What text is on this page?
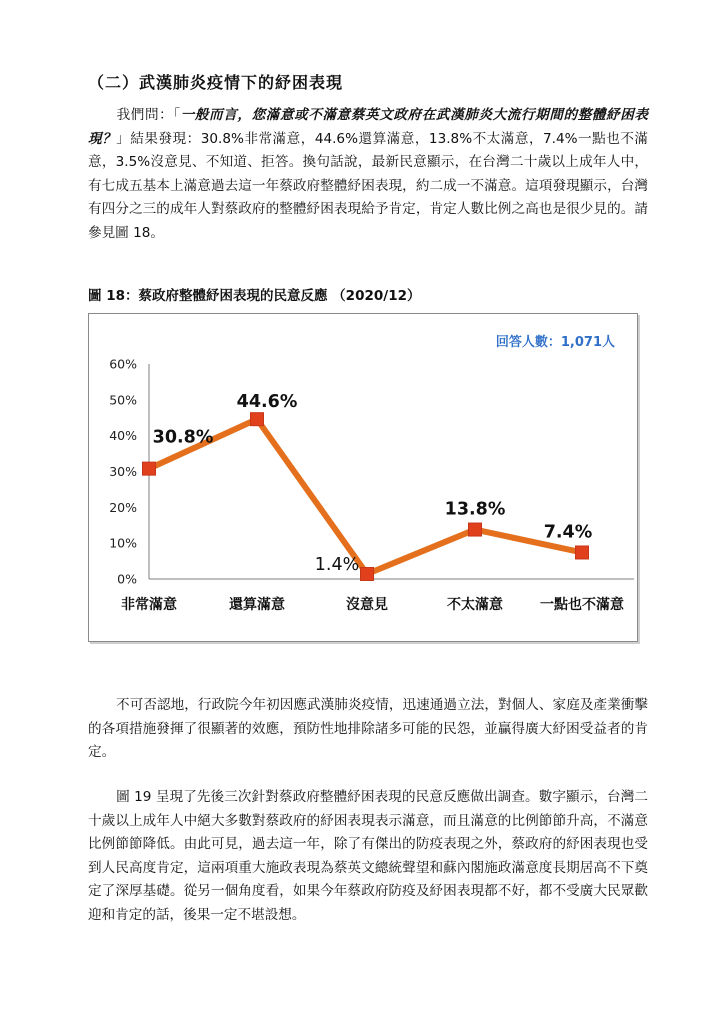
（二）武漢肺炎疫情下的紓困表現
我們問：「一般而言，您滿意或不滿意蔡英文政府在武漢肺炎大流行期間的整體紓困表現？」結果發現：30.8%非常滿意，44.6%還算滿意，13.8%不太滿意，7.4%一點也不滿意，3.5%沒意見、不知道、拒答。換句話說，最新民意顯示，在台灣二十歲以上成年人中，有七成五基本上滿意過去這一年蔡政府整體紓困表現，約二成一不滿意。這項發現顯示，台灣有四分之三的成年人對蔡政府的整體紓困表現給予肯定，肯定人數比例之高也是很少見的。請參見圖 18。
圖 18：蔡政府整體紓困表現的民意反應 （2020/12）
0%
10%
20%
30%
40%
50%
60%
非常滿意	還算滿意	沒意見	不太滿意	一點也不滿意
30.8%
44.6%
1.4%
13.8%
7.4%
回答人數：1,071人
不可否認地，行政院今年初因應武漢肺炎疫情，迅速通過立法，對個人、家庭及產業衝擊的各項措施發揮了很顯著的效應，預防性地排除諸多可能的民怨，並贏得廣大紓困受益者的肯定。
圖 19 呈現了先後三次針對蔡政府整體紓困表現的民意反應做出調查。數字顯示，台灣二十歲以上成年人中絕大多數對蔡政府的紓困表現表示滿意，而且滿意的比例節節升高，不滿意比例節節降低。由此可見，過去這一年，除了有傑出的防疫表現之外，蔡政府的紓困表現也受到人民高度肯定，這兩項重大施政表現為蔡英文總統聲望和蘇內閣施政滿意度長期居高不下奠定了深厚基礎。從另一個角度看，如果今年蔡政府防疫及紓困表現都不好，都不受廣大民眾歡迎和肯定的話，後果一定不堪設想。
